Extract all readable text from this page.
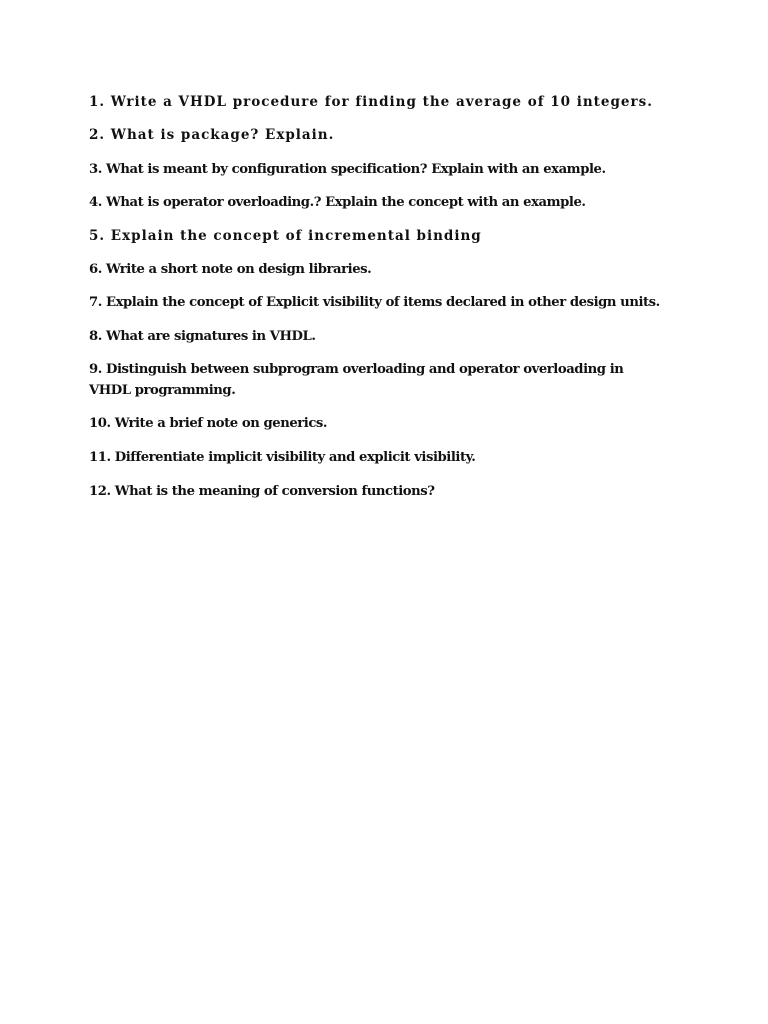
1. Write a VHDL procedure for finding the average of 10 integers.
2. What is package? Explain.
3. What is meant by configuration specification? Explain with an example.
4. What is operator overloading.? Explain the concept with an example.
5. Explain the concept of incremental binding
6. Write a short note on design libraries.
7. Explain the concept of Explicit visibility of items declared in other design units.
8. What are signatures in VHDL.
9. Distinguish between subprogram overloading and operator overloading in VHDL programming.
10. Write a brief note on generics.
11. Differentiate implicit visibility and explicit visibility.
12. What is the meaning of conversion functions?
